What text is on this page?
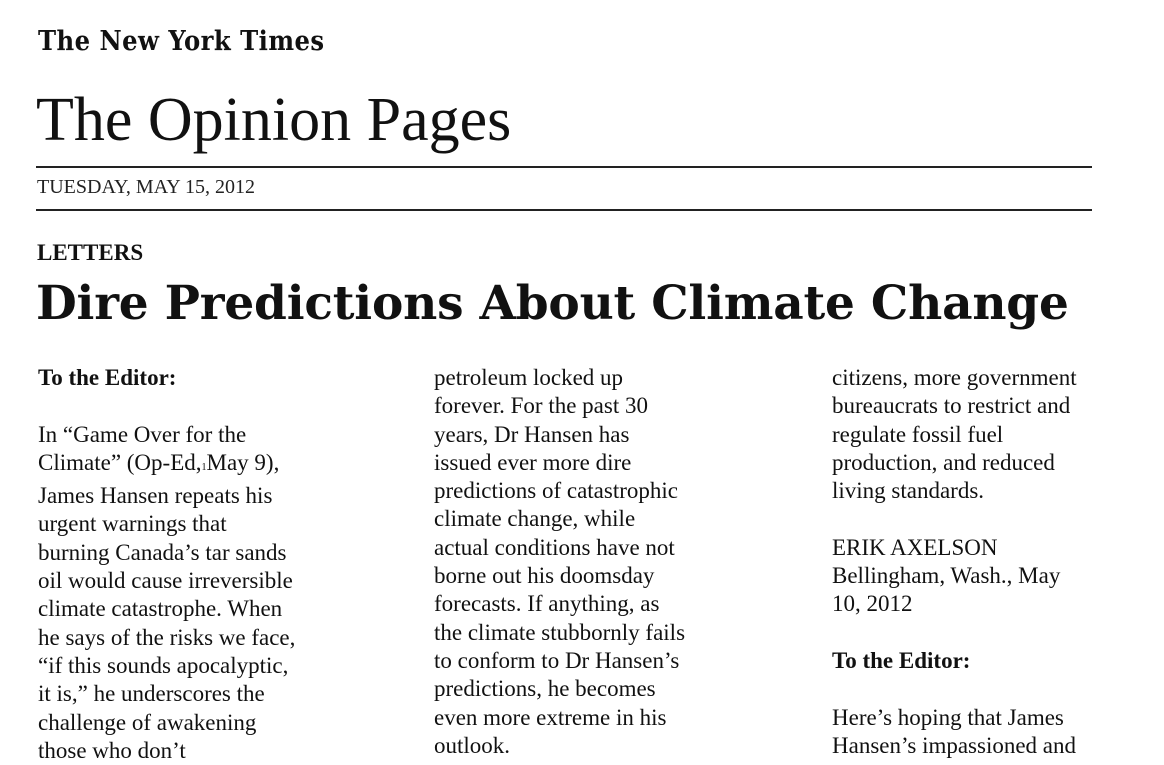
The New York Times
The Opinion Pages
TUESDAY, MAY 15, 2012
LETTERS
Dire Predictions About Climate Change
To the Editor:
In “Game Over for the
Climate” (Op-Ed,1May 9),
James Hansen repeats his
urgent warnings that
burning Canada’s tar sands
oil would cause irreversible
climate catastrophe. When
he says of the risks we face,
“if this sounds apocalyptic,
it is,” he underscores the
challenge of awakening
those who don’t
petroleum locked up
forever. For the past 30
years, Dr Hansen has
issued ever more dire
predictions of catastrophic
climate change, while
actual conditions have not
borne out his doomsday
forecasts. If anything, as
the climate stubbornly fails
to conform to Dr Hansen’s
predictions, he becomes
even more extreme in his
outlook.
citizens, more government
bureaucrats to restrict and
regulate fossil fuel
production, and reduced
living standards.
ERIK AXELSON
Bellingham, Wash., May
10, 2012
To the Editor:
Here’s hoping that James
Hansen’s impassioned and
